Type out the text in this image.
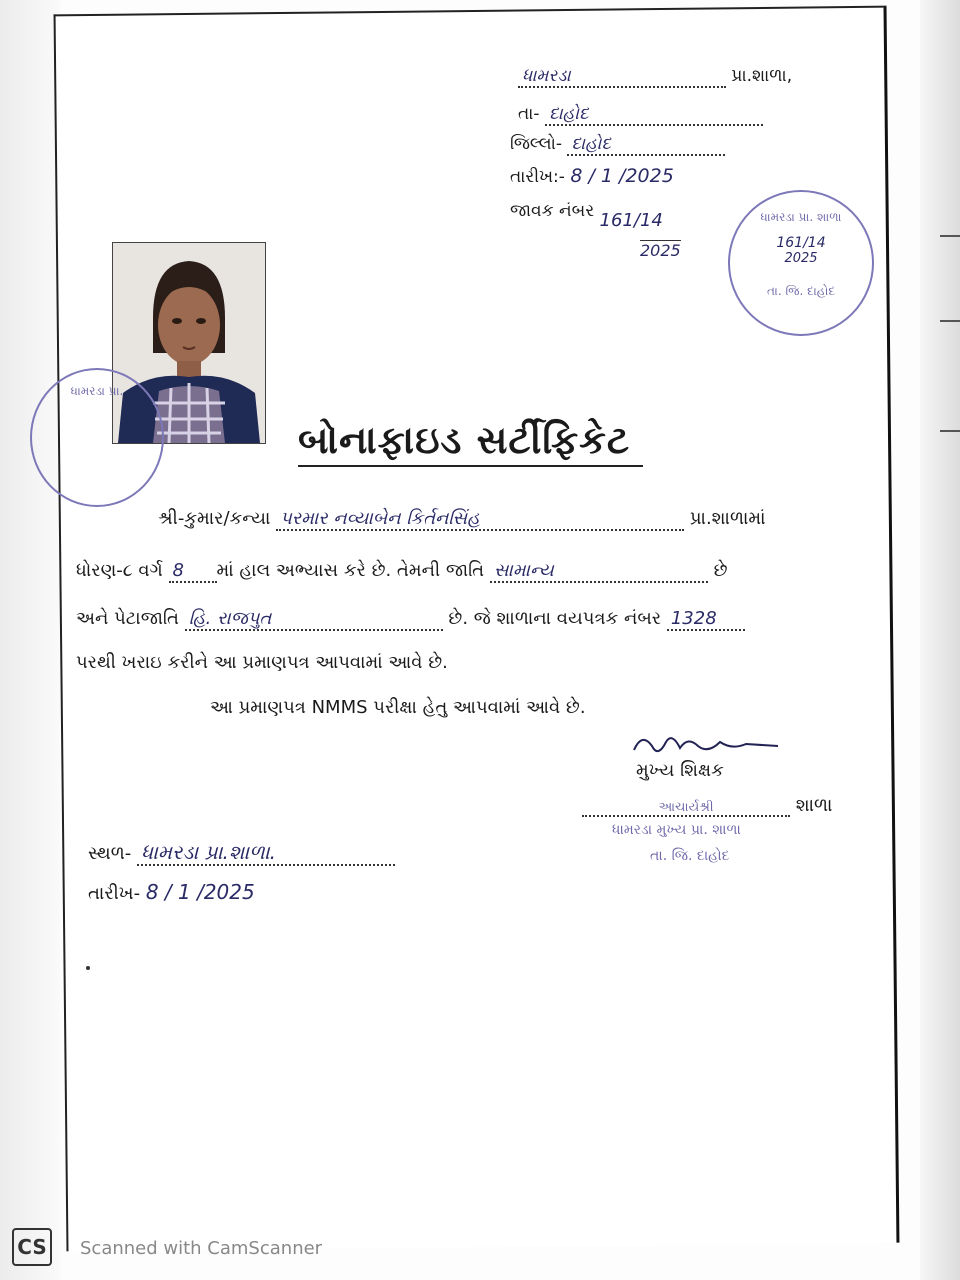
ધામરડા	પ્રા.શાળા,
તા- દાહોદ
જિલ્લો- દાહોદ
તારીખ:- 8 / 1 /2025
જાવક નંબર 161/14
2025
ધામરડા પ્રા. શાળા
161/14
2025
તા. જિ. દાહોદ
ધામરડા પ્રા.
બોનાફાઇડ સર્ટીફિકેટ
શ્રી-કુમાર/કન્યા પરમાર નવ્યાબેન કિર્તનસિંહ	પ્રા.શાળામાં
ધોરણ-૮ વર્ગ 8 માં હાલ અભ્યાસ કરે છે. તેમની જાતિ સામાન્ય	છે
અને પેટાજાતિ હિ. રાજપુત	છે. જે શાળાના વયપત્રક નંબર 1328
પરથી ખરાઇ કરીને આ પ્રમાણપત્ર આપવામાં આવે છે.
આ પ્રમાણપત્ર NMMS પરીક્ષા હેતુ આપવામાં આવે છે.
મુખ્ય શિક્ષક
આચાર્યશ્રી	શાળા
ધામરડા મુખ્ય પ્રા. શાળા
તા. જિ. દાહોદ
સ્થળ- ધામરડા પ્રા.શાળા.
તારીખ- 8 / 1 /2025
CS Scanned with CamScanner
